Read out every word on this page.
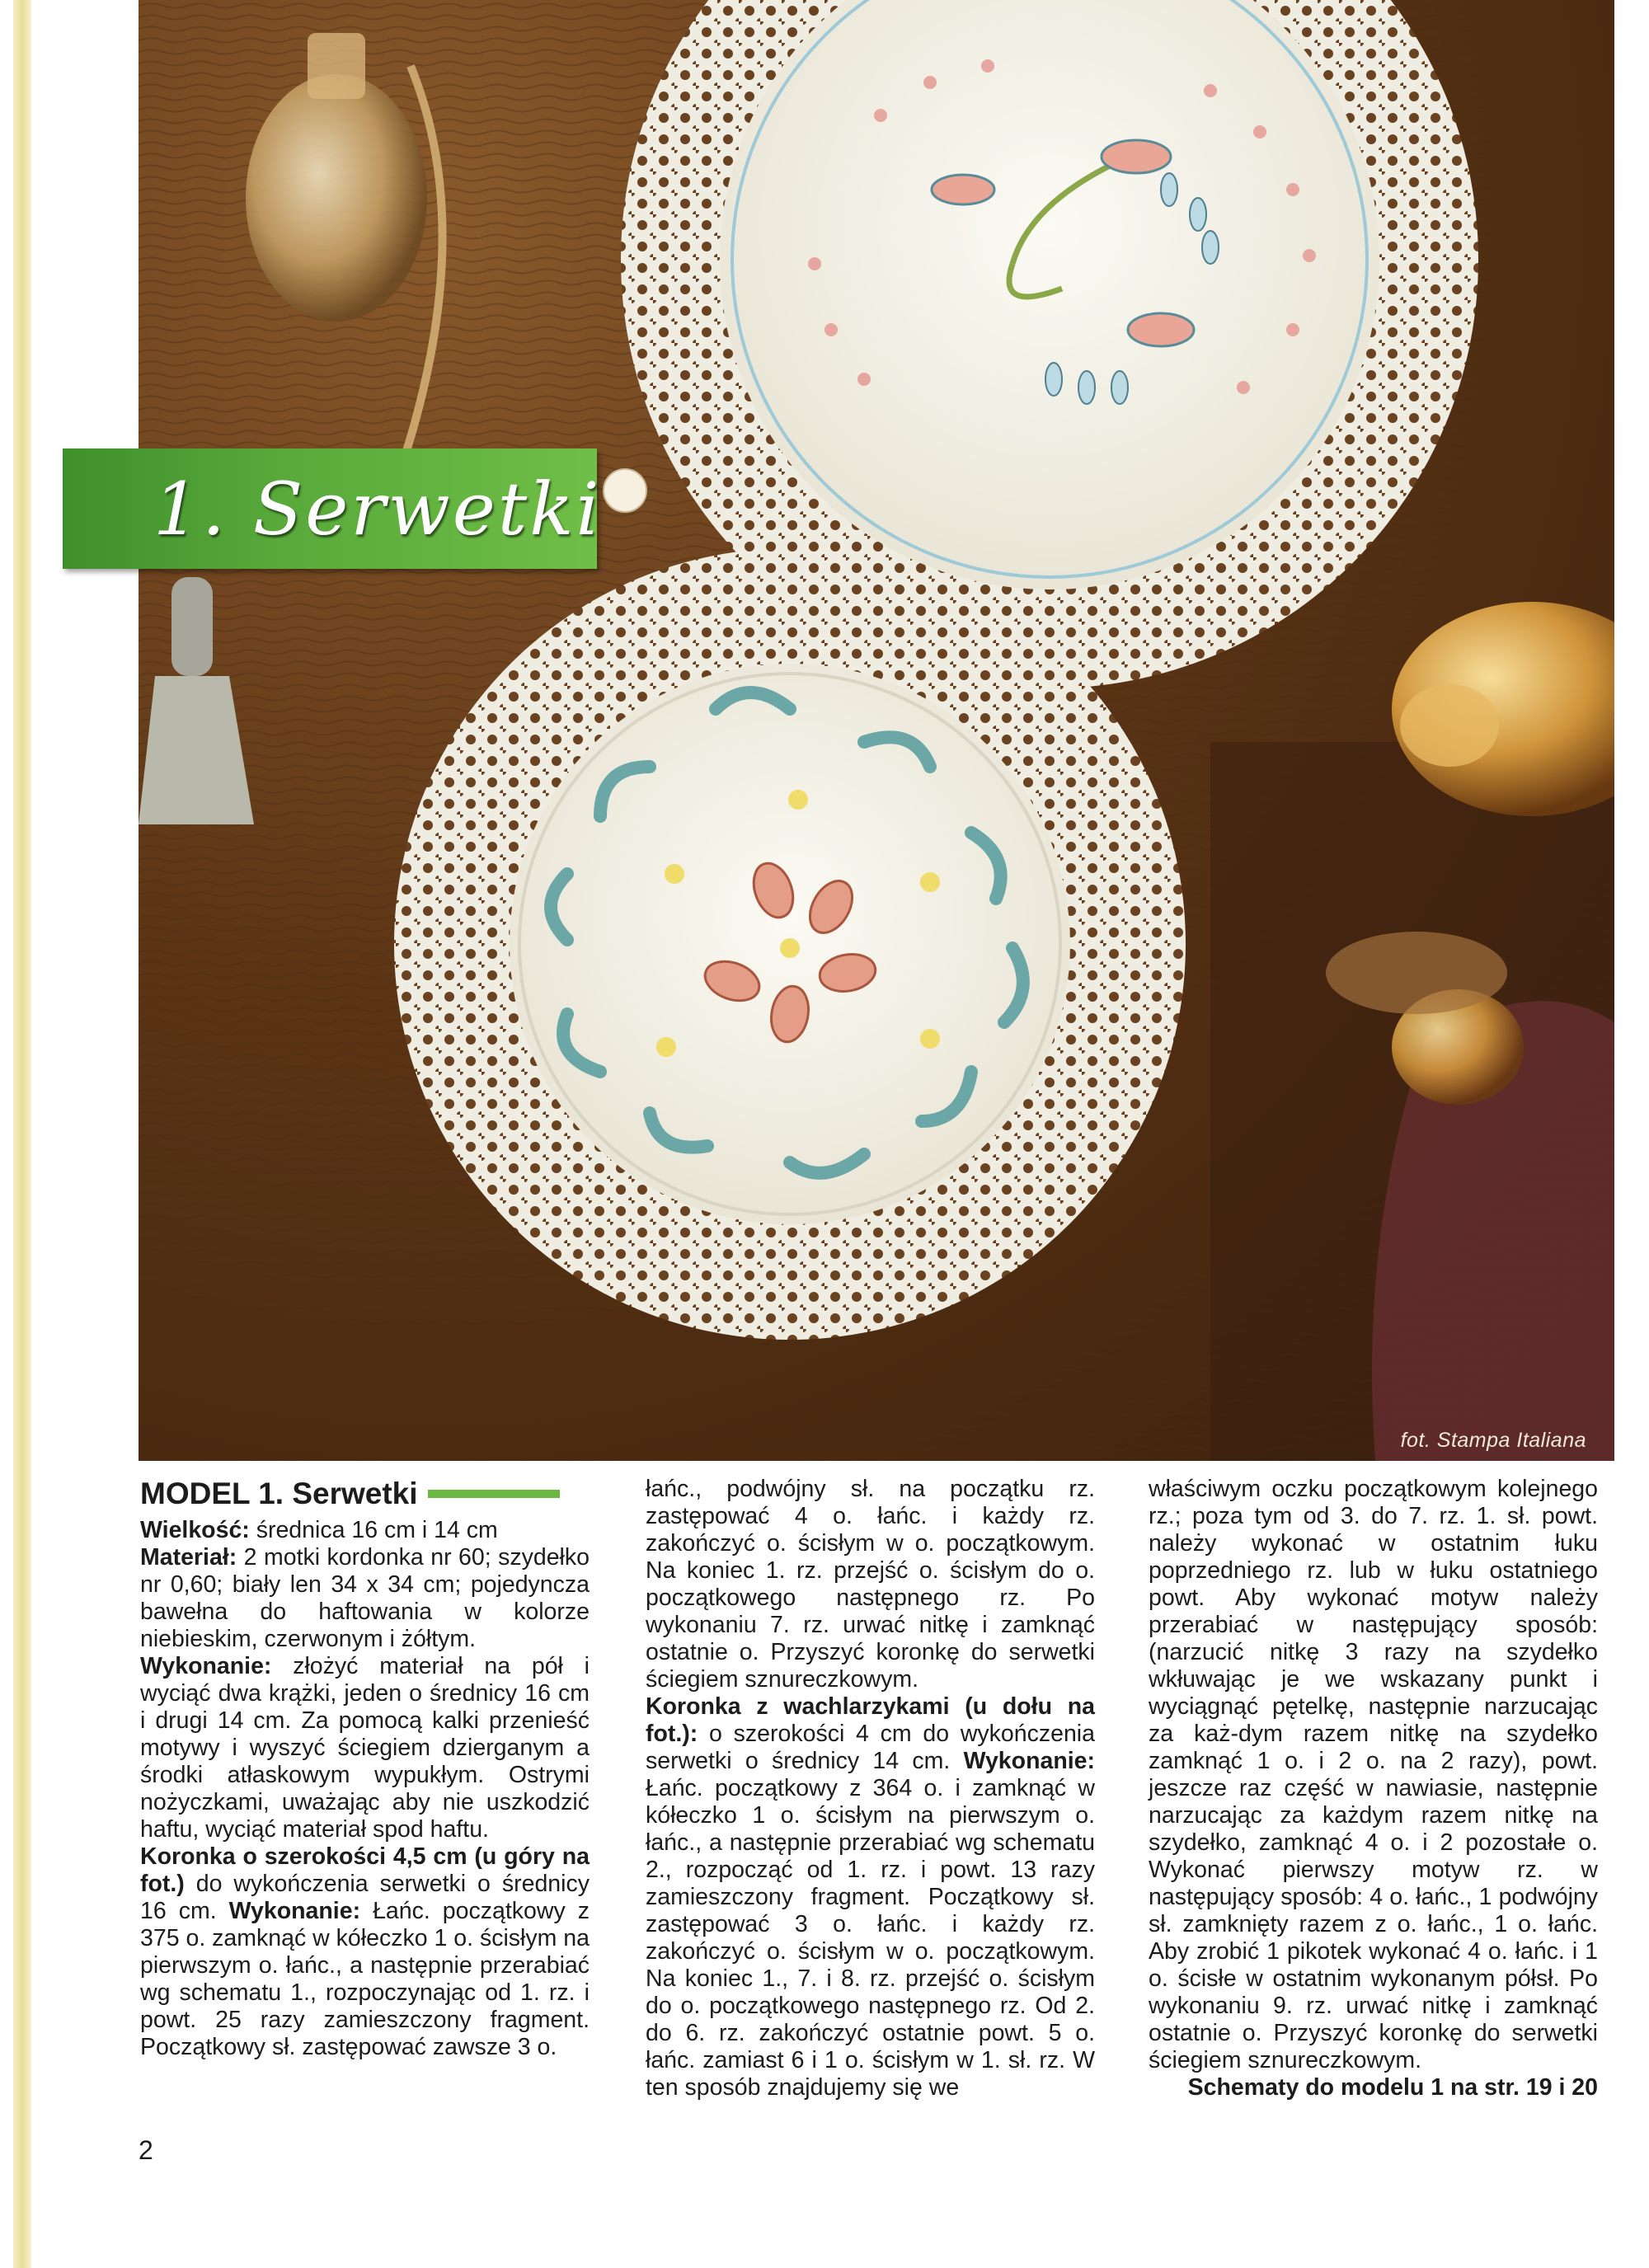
fot. Stampa Italiana
1. Serwetki
MODEL 1. Serwetki

Wielkość: średnica 16 cm i 14 cm

Materiał: 2 motki kordonka nr 60; szydełko nr 0,60; biały len 34 x 34 cm; pojedyncza bawełna do haftowania w kolorze niebieskim, czerwonym i żółtym.

Wykonanie: złożyć materiał na pół i wyciąć dwa krążki, jeden o średnicy 16 cm i drugi 14 cm. Za pomocą kalki przenieść motywy i wyszyć ściegiem dzierganym a środki atłaskowym wypukłym. Ostrymi nożyczkami, uważając aby nie uszkodzić haftu, wyciąć materiał spod haftu.

Koronka o szerokości 4,5 cm (u góry na fot.) do wykończenia serwetki o średnicy 16 cm. Wykonanie: Łańc. początkowy z 375 o. zamknąć w kółeczko 1 o. ścisłym na pierwszym o. łańc., a następnie przerabiać wg schematu 1., rozpoczynając od 1. rz. i powt. 25 razy zamieszczony fragment. Początkowy sł. zastępować zawsze 3 o.

łańc., podwójny sł. na początku rz. zastępować 4 o. łańc. i każdy rz. zakończyć o. ścisłym w o. początkowym. Na koniec 1. rz. przejść o. ścisłym do o. początkowego następnego rz. Po wykonaniu 7. rz. urwać nitkę i zamknąć ostatnie o. Przyszyć koronkę do serwetki ściegiem sznureczkowym.

Koronka z wachlarzykami (u dołu na fot.): o szerokości 4 cm do wykończenia serwetki o średnicy 14 cm. Wykonanie: Łańc. początkowy z 364 o. i zamknąć w kółeczko 1 o. ścisłym na pierwszym o. łańc., a następnie przerabiać wg schematu 2., rozpocząć od 1. rz. i powt. 13 razy zamieszczony fragment. Początkowy sł. zastępować 3 o. łańc. i każdy rz. zakończyć o. ścisłym w o. początkowym. Na koniec 1., 7. i 8. rz. przejść o. ścisłym do o. początkowego następnego rz. Od 2. do 6. rz. zakończyć ostatnie powt. 5 o. łańc. zamiast 6 i 1 o. ścisłym w 1. sł. rz. W ten sposób znajdujemy się we

właściwym oczku początkowym kolejnego rz.; poza tym od 3. do 7. rz. 1. sł. powt. należy wykonać w ostatnim łuku poprzedniego rz. lub w łuku ostatniego powt. Aby wykonać motyw należy przerabiać w następujący sposób: (narzucić nitkę 3 razy na szydełko wkłuwając je we wskazany punkt i wyciągnąć pętelkę, następnie narzucając za każ-dym razem nitkę na szydełko zamknąć 1 o. i 2 o. na 2 razy), powt. jeszcze raz część w nawiasie, następnie narzucając za każdym razem nitkę na szydełko, zamknąć 4 o. i 2 pozostałe o. Wykonać pierwszy motyw rz. w następujący sposób: 4 o. łańc., 1 podwójny sł. zamknięty razem z o. łańc., 1 o. łańc. Aby zrobić 1 pikotek wykonać 4 o. łańc. i 1 o. ścisłe w ostatnim wykonanym półsł. Po wykonaniu 9. rz. urwać nitkę i zamknąć ostatnie o. Przyszyć koronkę do serwetki ściegiem sznureczkowym.

Schematy do modelu 1 na str. 19 i 20

2
